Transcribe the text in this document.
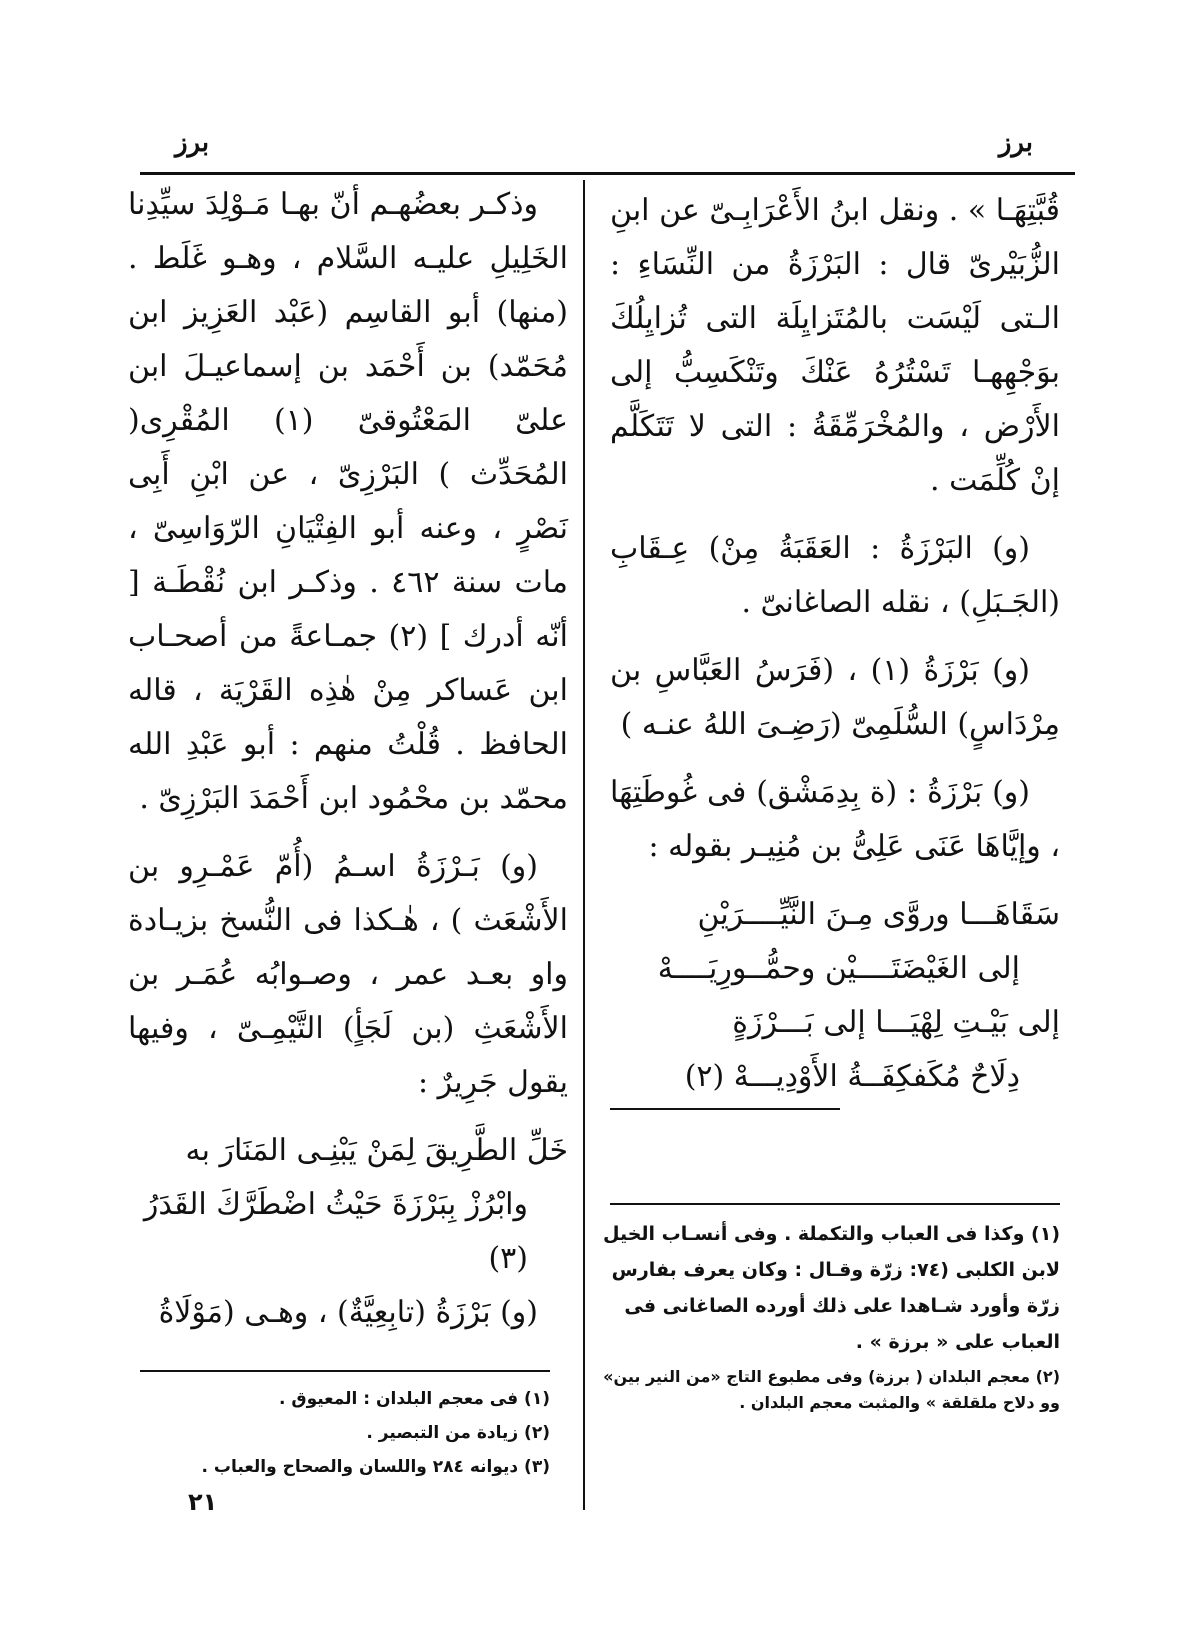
برز
برز

قُبَّتِهَـا » . ونقل ابنُ الأَعْرَابِـىّ عن ابنِ الزُّبَيْرىّ قال : البَرْزَةُ من النِّسَاءِ : الـتى لَيْسَت بالمُتَزايِلَة التى تُزايِلُكَ بوَجْهِهـا تَسْتُرُهُ عَنْكَ وتَنْكَسِبُّ إلى الأَرْض ، والمُخْرَمِّقَةُ : التى لا تَتَكَلَّم إنْ كُلِّمَت .

(و) البَرْزَةُ : العَقَبَةُ مِنْ) عِـقَابِ (الجَـبَلِ) ، نقله الصاغانىّ .

(و) بَرْزَةُ (١) ، (فَرَسُ العَبَّاسِ بن مِرْدَاسٍ) السُّلَمِىّ (رَضِـىَ اللهُ عنـه )

(و) بَرْزَةُ : (ة بِدِمَشْق) فى غُوطَتِهَا ، وإيَّاهَا عَنَى عَلِىُّ بن مُنِيـر بقوله :

سَقَاهَـــا وروَّى مِـنَ النَّيِّــــرَيْنِ

إلى الغَيْضَتَــــيْن وحمُّــورِيَــــهْ

إلى بَيْـتِ لِهْيَـــا إلى بَـــرْزَةٍ

دِلَاحٌ مُكَفكِفَــةُ الأَوْدِيـــهْ (٢)

وذكـر بعضُهـم أنّ بهـا مَـوْلِدَ سيِّدِنا الخَلِيلِ عليـه السَّلام ، وهـو غَلَط . (منها) أبو القاسِم (عَبْد العَزِيز ابن مُحَمّد) بن أَحْمَد بن إسماعيـلَ ابن علىّ المَعْتُوقىّ (١) المُقْرِى( المُحَدِّث ) البَرْزِىّ ، عن ابْنِ أَبِى نَصْرٍ ، وعنه أبو الفِتْيَانِ الرّوَاسِىّ ، مات سنة ٤٦٢ . وذكـر ابن نُقْطَـة [ أنّه أدرك ] (٢) جمـاعةً من أصحـاب ابن عَساكر مِنْ هٰذِه القَرْيَة ، قاله الحافظ . قُلْتُ منهم : أبو عَبْدِ الله محمّد بن محْمُود ابن أَحْمَدَ البَرْزِىّ .

(و) بَـرْزَةُ اسـمُ (أُمّ عَمْـرِو بن الأَشْعَث ) ، هٰـكذا فى النُّسخ بزيـادة واو بعـد عمر ، وصـوابُه عُمَـر بن الأَشْعَثِ (بن لَجَأٍ) التَّيْمِـىّ ، وفيها يقول جَرِيرٌ :

خَلِّ الطَّرِيقَ لِمَنْ يَبْنِـى المَنَارَ به

وابْرُزْ بِبَرْزَةَ حَيْثُ اضْطَرَّكَ القَدَرُ (٣)

(و) بَرْزَةُ (تابِعِيَّةٌ) ، وهـى (مَوْلَاةُ

(١) وكذا فى العباب والتكملة . وفى أنسـاب الخيل لابن الكلبى (٧٤: زرّة وقـال : وكان يعرف بفارس زرّة وأورد شـاهدا على ذلك أورده الصاغانى فى العباب على « برزة » .

(٢) معجم البلدان ( برزة) وفى مطبوع التاج «من النير بين» وو دلاح ملقلقة » والمثبت معجم البلدان .

(١) فى معجم البلدان : المعيوق .

(٢) زيادة من التبصير .

(٣) ديوانه ٢٨٤ واللسان والصحاح والعباب .

٢١
